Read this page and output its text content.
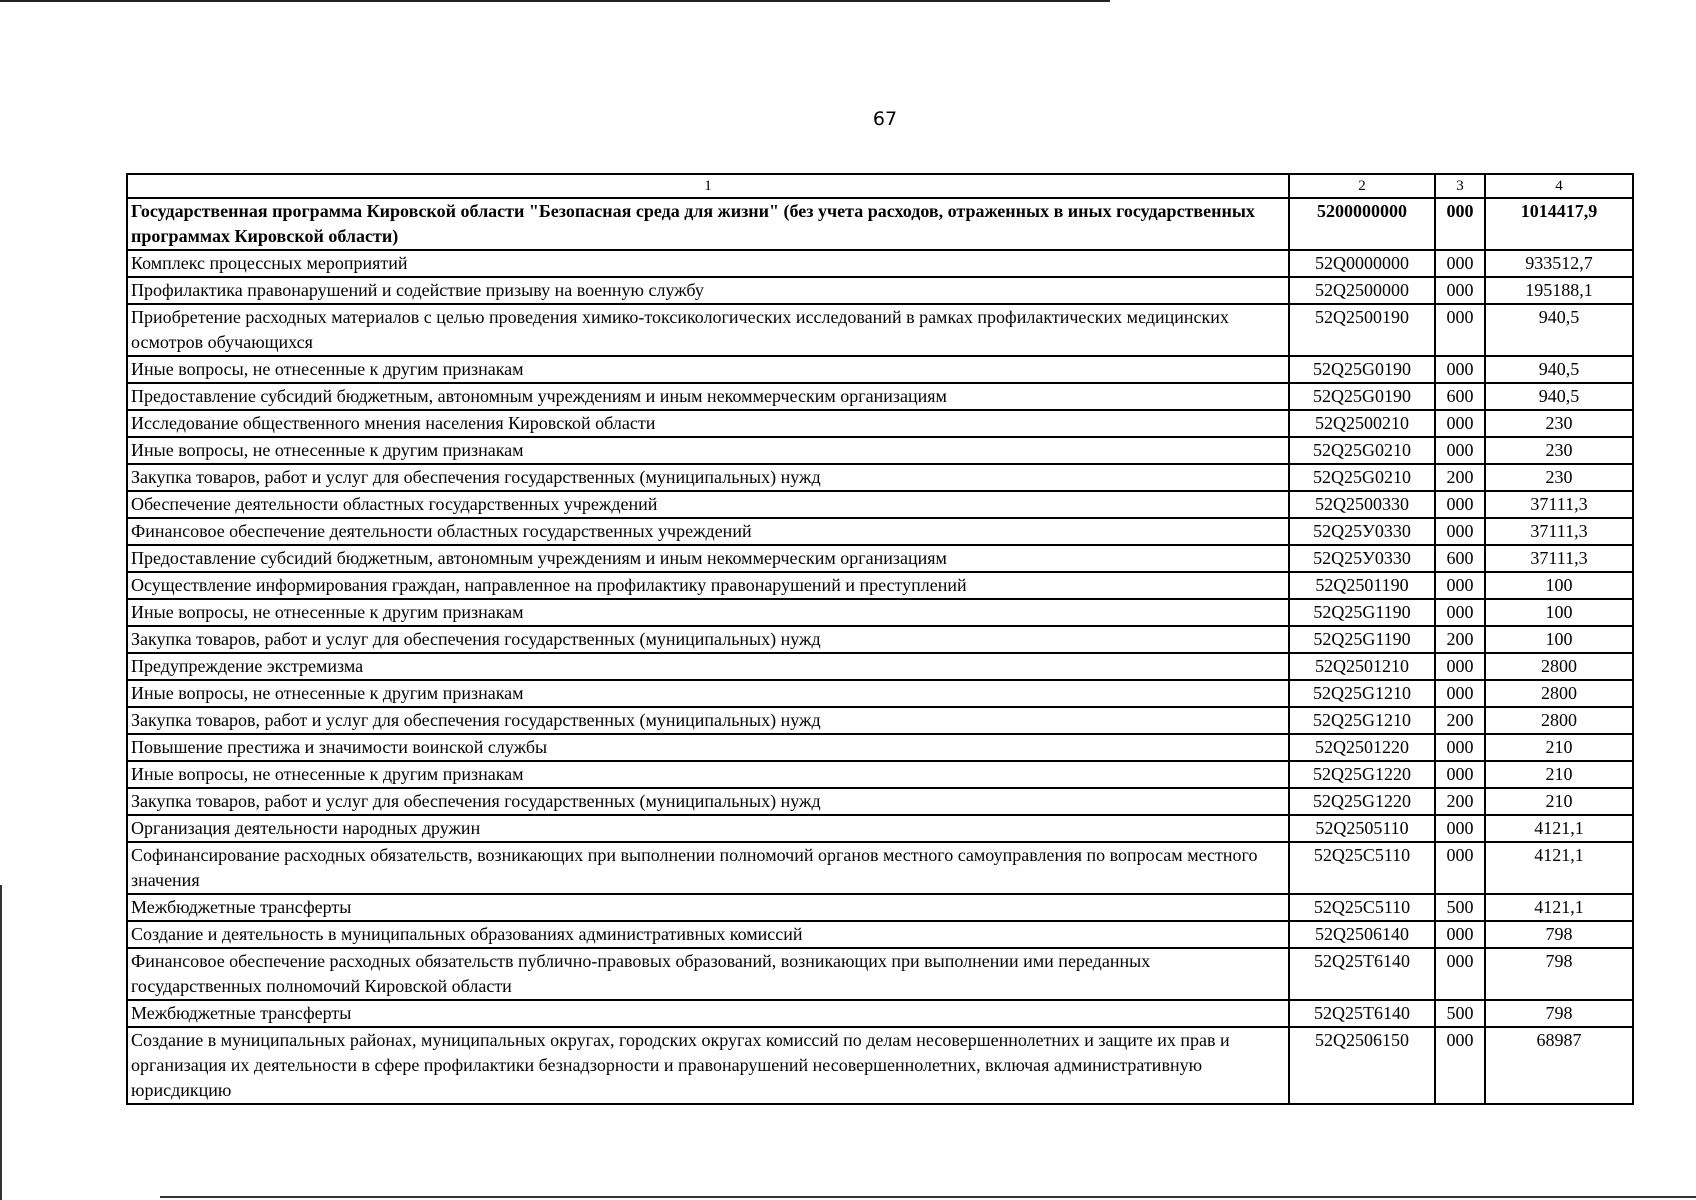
67
1	2	3	4
Государственная программа Кировской области "Безопасная среда для жизни" (без учета расходов, отраженных в иных государственных программах Кировской области)	5200000000	000	1014417,9
Комплекс процессных мероприятий	52Q0000000	000	933512,7
Профилактика правонарушений и содействие призыву на военную службу	52Q2500000	000	195188,1
Приобретение расходных материалов с целью проведения химико-токсикологических исследований в рамках профилактических медицинских осмотров обучающихся	52Q2500190	000	940,5
Иные вопросы, не отнесенные к другим признакам	52Q25G0190	000	940,5
Предоставление субсидий бюджетным, автономным учреждениям и иным некоммерческим организациям	52Q25G0190	600	940,5
Исследование общественного мнения населения Кировской области	52Q2500210	000	230
Иные вопросы, не отнесенные к другим признакам	52Q25G0210	000	230
Закупка товаров, работ и услуг для обеспечения государственных (муниципальных) нужд	52Q25G0210	200	230
Обеспечение деятельности областных государственных учреждений	52Q2500330	000	37111,3
Финансовое обеспечение деятельности областных государственных учреждений	52Q25У0330	000	37111,3
Предоставление субсидий бюджетным, автономным учреждениям и иным некоммерческим организациям	52Q25У0330	600	37111,3
Осуществление информирования граждан, направленное на профилактику правонарушений и преступлений	52Q2501190	000	100
Иные вопросы, не отнесенные к другим признакам	52Q25G1190	000	100
Закупка товаров, работ и услуг для обеспечения государственных (муниципальных) нужд	52Q25G1190	200	100
Предупреждение экстремизма	52Q2501210	000	2800
Иные вопросы, не отнесенные к другим признакам	52Q25G1210	000	2800
Закупка товаров, работ и услуг для обеспечения государственных (муниципальных) нужд	52Q25G1210	200	2800
Повышение престижа и значимости воинской службы	52Q2501220	000	210
Иные вопросы, не отнесенные к другим признакам	52Q25G1220	000	210
Закупка товаров, работ и услуг для обеспечения государственных (муниципальных) нужд	52Q25G1220	200	210
Организация деятельности народных дружин	52Q2505110	000	4121,1
Софинансирование расходных обязательств, возникающих при выполнении полномочий органов местного самоуправления по вопросам местного значения	52Q25С5110	000	4121,1
Межбюджетные трансферты	52Q25С5110	500	4121,1
Создание и деятельность в муниципальных образованиях административных комиссий	52Q2506140	000	798
Финансовое обеспечение расходных обязательств публично-правовых образований, возникающих при выполнении ими переданных государственных полномочий Кировской области	52Q25Т6140	000	798
Межбюджетные трансферты	52Q25Т6140	500	798
Создание в муниципальных районах, муниципальных округах, городских округах комиссий по делам несовершеннолетних и защите их прав и организация их деятельности в сфере профилактики безнадзорности и правонарушений несовершеннолетних, включая административную юрисдикцию	52Q2506150	000	68987
